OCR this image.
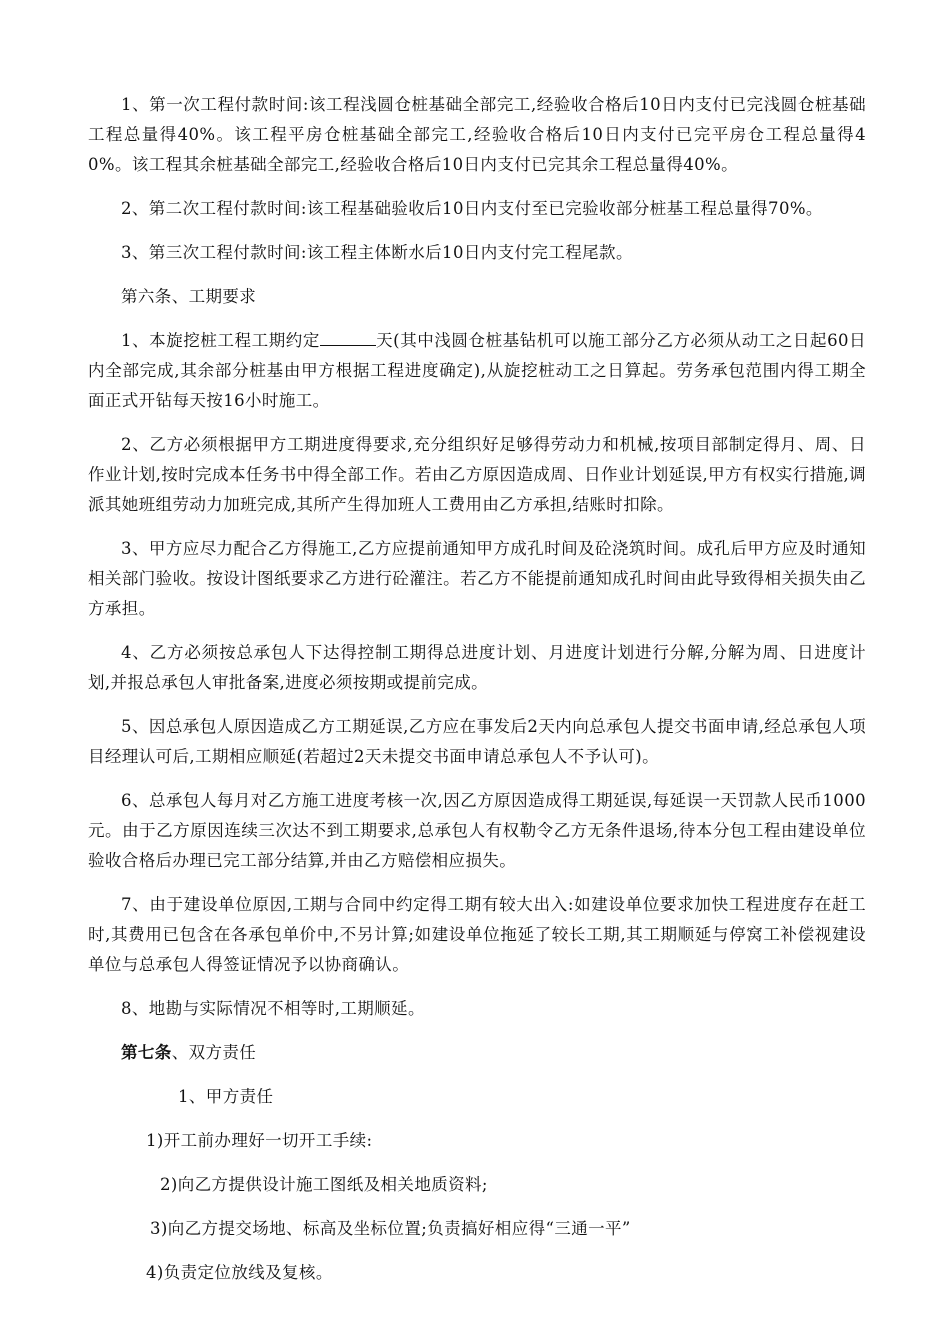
1、第一次工程付款时间:该工程浅圆仓桩基础全部完工,经验收合格后10日内支付已完浅圆仓桩基础工程总量得40%。该工程平房仓桩基础全部完工,经验收合格后10日内支付已完平房仓工程总量得40%。该工程其余桩基础全部完工,经验收合格后10日内支付已完其余工程总量得40%。

2、第二次工程付款时间:该工程基础验收后10日内支付至已完验收部分桩基工程总量得70%。

3、第三次工程付款时间:该工程主体断水后10日内支付完工程尾款。

第六条、工期要求

1、本旋挖桩工程工期约定	天(其中浅圆仓桩基钻机可以施工部分乙方必须从动工之日起60日内全部完成,其余部分桩基由甲方根据工程进度确定),从旋挖桩动工之日算起。劳务承包范围内得工期全面正式开钻每天按16小时施工。

2、乙方必须根据甲方工期进度得要求,充分组织好足够得劳动力和机械,按项目部制定得月、周、日作业计划,按时完成本任务书中得全部工作。若由乙方原因造成周、日作业计划延误,甲方有权实行措施,调派其她班组劳动力加班完成,其所产生得加班人工费用由乙方承担,结账时扣除。

3、甲方应尽力配合乙方得施工,乙方应提前通知甲方成孔时间及砼浇筑时间。成孔后甲方应及时通知相关部门验收。按设计图纸要求乙方进行砼灌注。若乙方不能提前通知成孔时间由此导致得相关损失由乙方承担。

4、乙方必须按总承包人下达得控制工期得总进度计划、月进度计划进行分解,分解为周、日进度计划,并报总承包人审批备案,进度必须按期或提前完成。

5、因总承包人原因造成乙方工期延误,乙方应在事发后2天内向总承包人提交书面申请,经总承包人项目经理认可后,工期相应顺延(若超过2天未提交书面申请总承包人不予认可)。

6、总承包人每月对乙方施工进度考核一次,因乙方原因造成得工期延误,每延误一天罚款人民币1000元。由于乙方原因连续三次达不到工期要求,总承包人有权勒令乙方无条件退场,待本分包工程由建设单位验收合格后办理已完工部分结算,并由乙方赔偿相应损失。

7、由于建设单位原因,工期与合同中约定得工期有较大出入:如建设单位要求加快工程进度存在赶工时,其费用已包含在各承包单价中,不另计算;如建设单位拖延了较长工期,其工期顺延与停窝工补偿视建设单位与总承包人得签证情况予以协商确认。

8、地勘与实际情况不相等时,工期顺延。

第七条、双方责任

1、甲方责任

1)开工前办理好一切开工手续:

2)向乙方提供设计施工图纸及相关地质资料;

3)向乙方提交场地、标高及坐标位置;负责搞好相应得“三通一平”

4)负责定位放线及复核。
